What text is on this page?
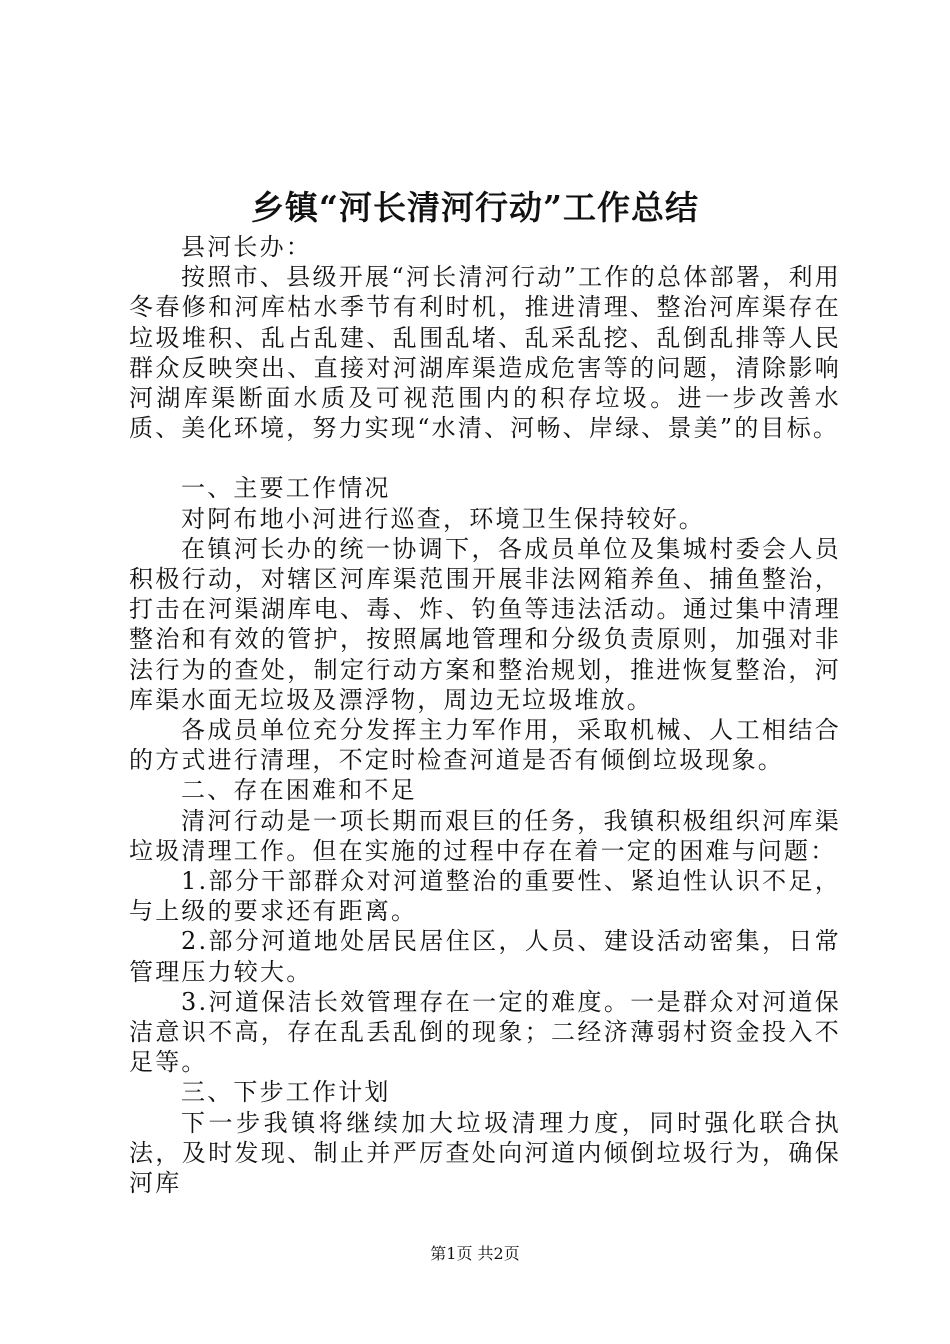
乡镇“河长清河行动”工作总结

县河长办：

按照市、县级开展“河长清河行动”工作的总体部署，利用冬春修和河库枯水季节有利时机，推进清理、整治河库渠存在垃圾堆积、乱占乱建、乱围乱堵、乱采乱挖、乱倒乱排等人民群众反映突出、直接对河湖库渠造成危害等的问题，清除影响河湖库渠断面水质及可视范围内的积存垃圾。进一步改善水质、美化环境，努力实现“水清、河畅、岸绿、景美”的目标。

一、主要工作情况

对阿布地小河进行巡查，环境卫生保持较好。

在镇河长办的统一协调下，各成员单位及集城村委会人员积极行动，对辖区河库渠范围开展非法网箱养鱼、捕鱼整治，打击在河渠湖库电、毒、炸、钓鱼等违法活动。通过集中清理整治和有效的管护，按照属地管理和分级负责原则，加强对非法行为的查处，制定行动方案和整治规划，推进恢复整治，河库渠水面无垃圾及漂浮物，周边无垃圾堆放。

各成员单位充分发挥主力军作用，采取机械、人工相结合的方式进行清理，不定时检查河道是否有倾倒垃圾现象。

二、存在困难和不足

清河行动是一项长期而艰巨的任务，我镇积极组织河库渠垃圾清理工作。但在实施的过程中存在着一定的困难与问题：

1.部分干部群众对河道整治的重要性、紧迫性认识不足，与上级的要求还有距离。

2.部分河道地处居民居住区，人员、建设活动密集，日常管理压力较大。

3.河道保洁长效管理存在一定的难度。一是群众对河道保洁意识不高，存在乱丢乱倒的现象；二经济薄弱村资金投入不足等。

三、下步工作计划

下一步我镇将继续加大垃圾清理力度，同时强化联合执法，及时发现、制止并严厉查处向河道内倾倒垃圾行为，确保河库

第1页 共2页
